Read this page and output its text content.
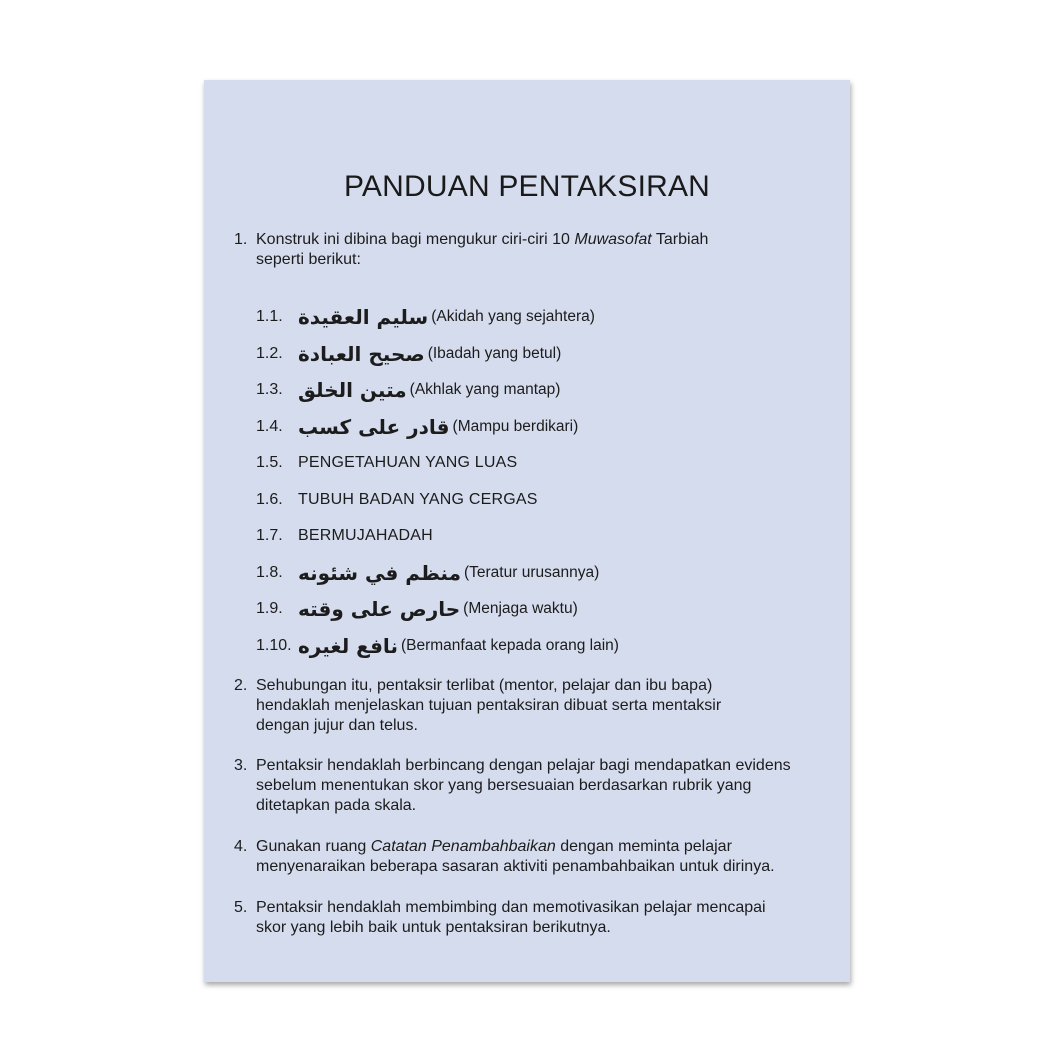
PANDUAN PENTAKSIRAN
1. Konstruk ini dibina bagi mengukur ciri-ciri 10 Muwasofat Tarbiah
seperti berikut:
1.1. سليم العقيدة (Akidah yang sejahtera)
1.2. صحيح العبادة (Ibadah yang betul)
1.3. متين الخلق (Akhlak yang mantap)
1.4. قادر على كسب (Mampu berdikari)
1.5. PENGETAHUAN YANG LUAS
1.6. TUBUH BADAN YANG CERGAS
1.7. BERMUJAHADAH
1.8. منظم في شئونه (Teratur urusannya)
1.9. حارص على وقته (Menjaga waktu)
1.10. نافع لغيره (Bermanfaat kepada orang lain)
2. Sehubungan itu, pentaksir terlibat (mentor, pelajar dan ibu bapa)
hendaklah menjelaskan tujuan pentaksiran dibuat serta mentaksir
dengan jujur dan telus.
3. Pentaksir hendaklah berbincang dengan pelajar bagi mendapatkan evidens
sebelum menentukan skor yang bersesuaian berdasarkan rubrik yang
ditetapkan pada skala.
4. Gunakan ruang Catatan Penambahbaikan dengan meminta pelajar
menyenaraikan beberapa sasaran aktiviti penambahbaikan untuk dirinya.
5. Pentaksir hendaklah membimbing dan memotivasikan pelajar mencapai
skor yang lebih baik untuk pentaksiran berikutnya.
